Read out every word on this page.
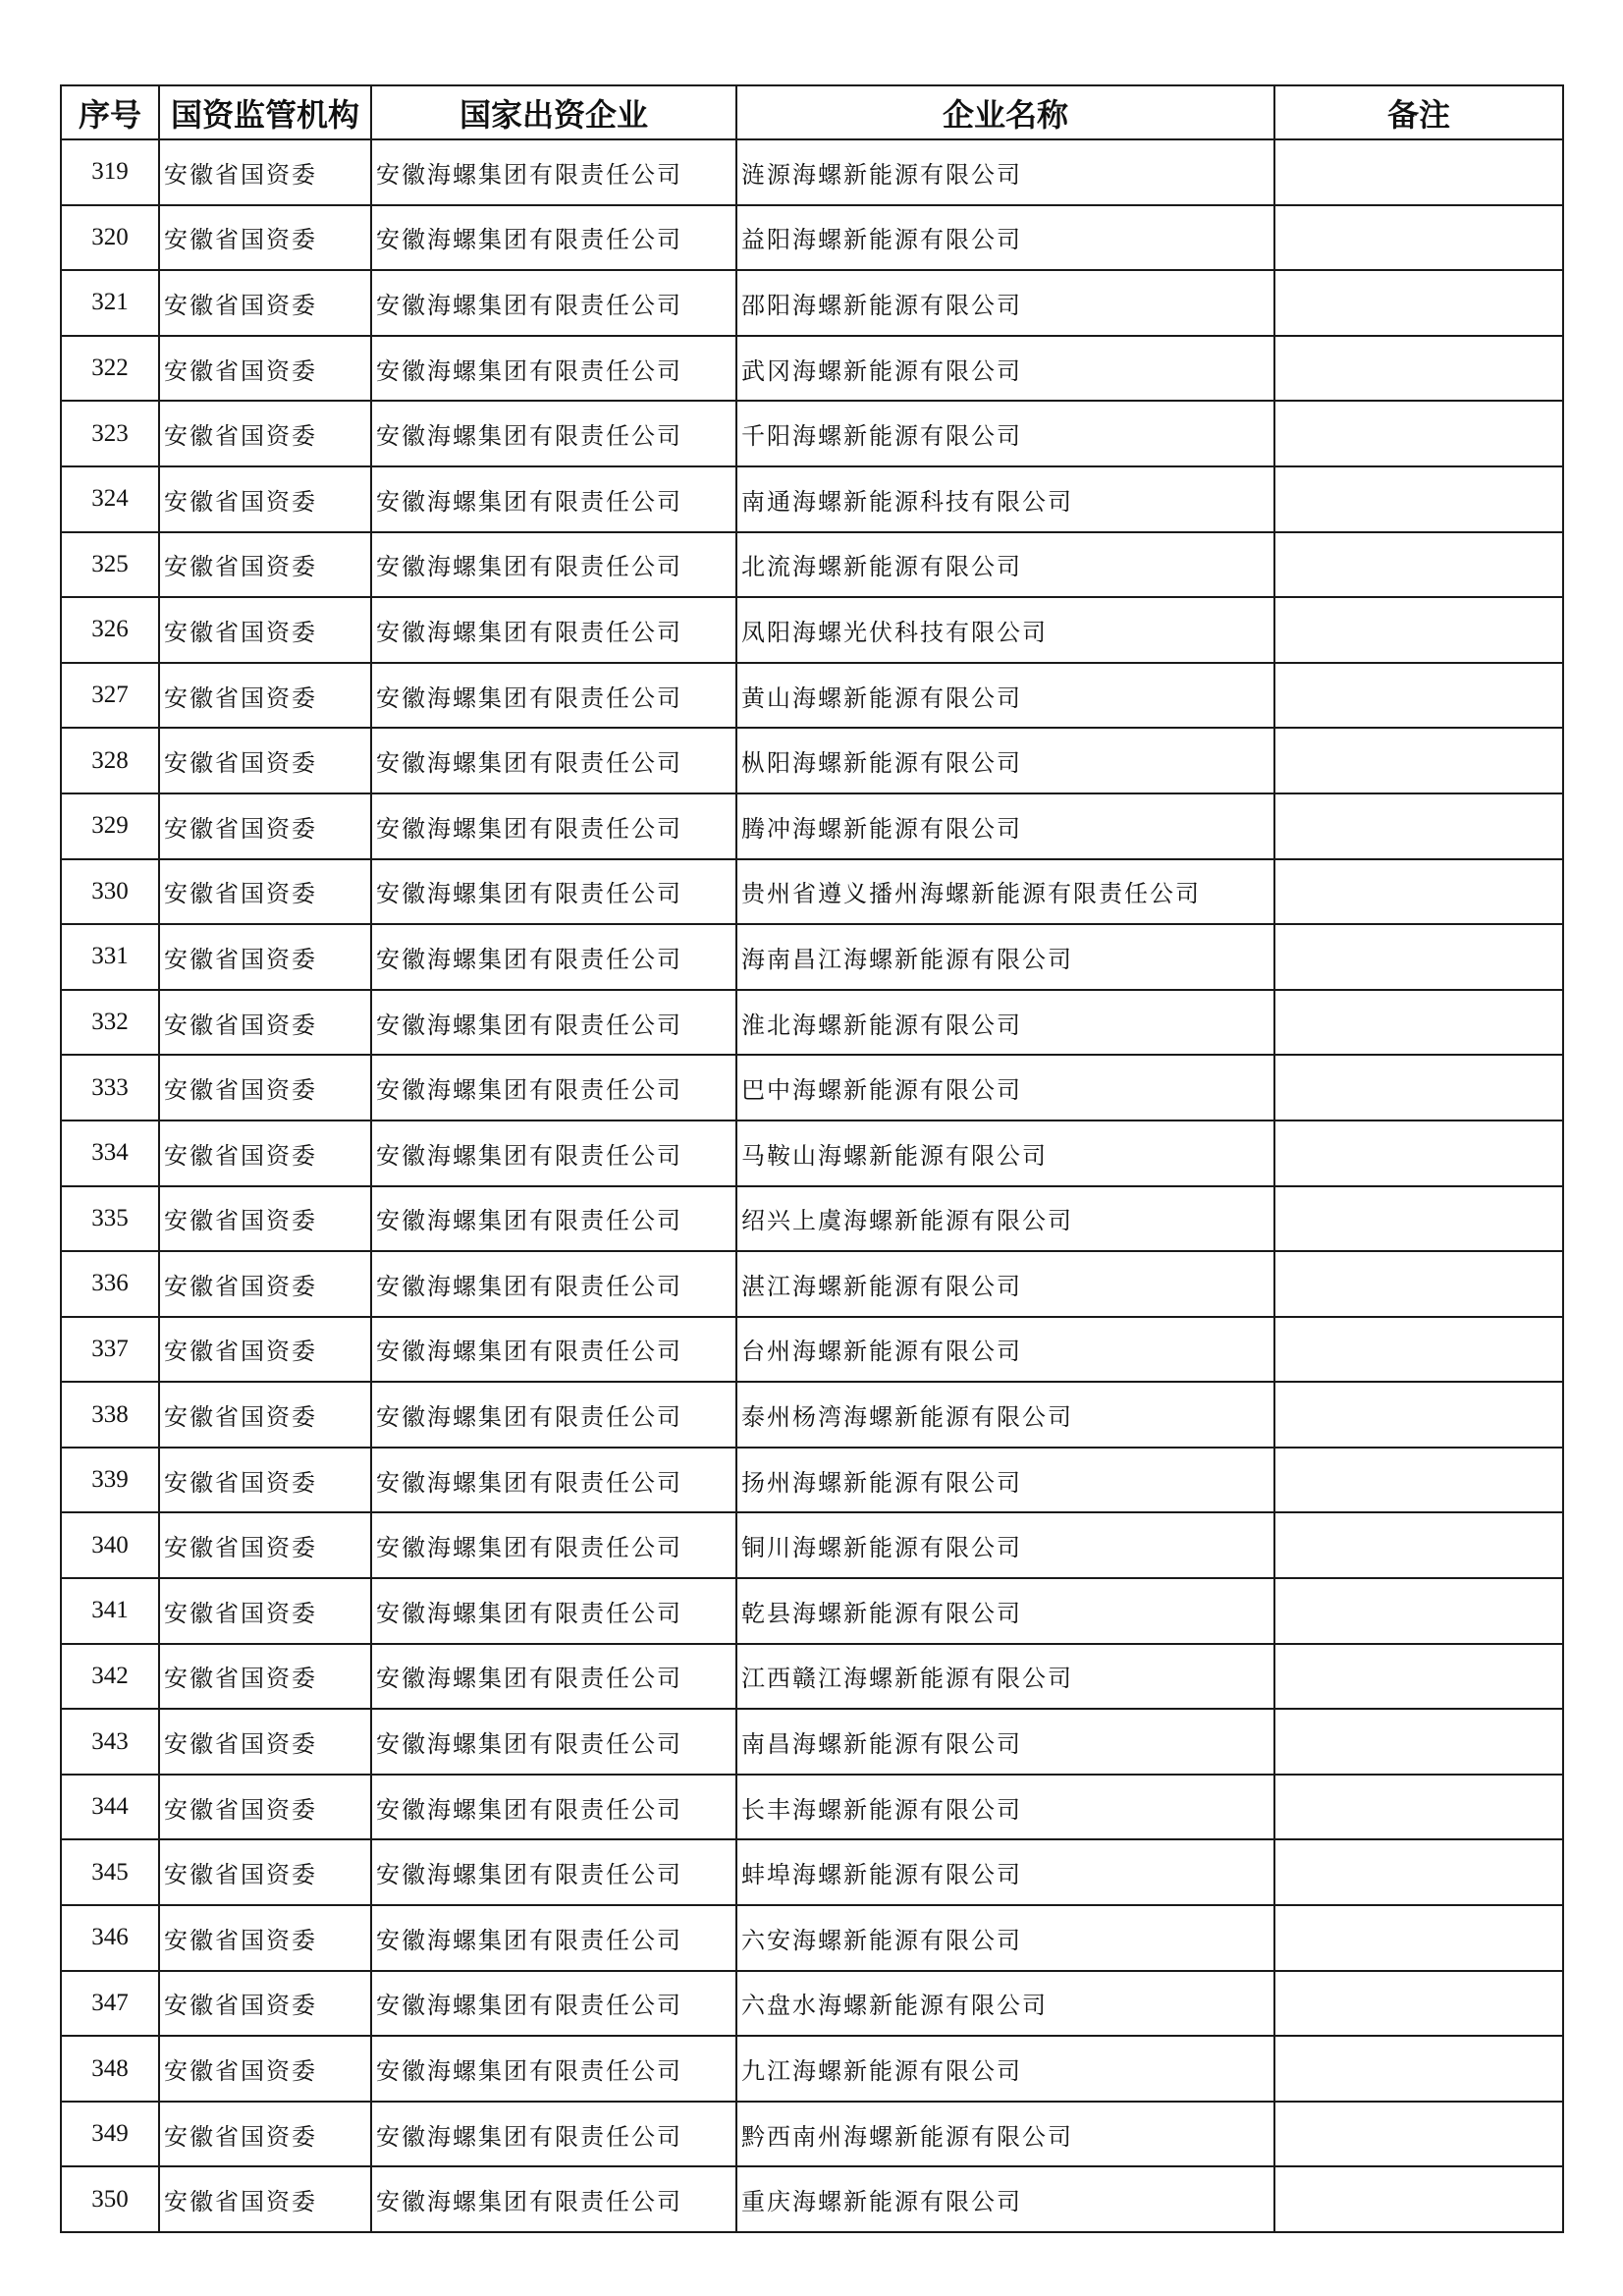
序号	国资监管机构	国家出资企业	企业名称	备注
319	安徽省国资委	安徽海螺集团有限责任公司	涟源海螺新能源有限公司	
320	安徽省国资委	安徽海螺集团有限责任公司	益阳海螺新能源有限公司	
321	安徽省国资委	安徽海螺集团有限责任公司	邵阳海螺新能源有限公司	
322	安徽省国资委	安徽海螺集团有限责任公司	武冈海螺新能源有限公司	
323	安徽省国资委	安徽海螺集团有限责任公司	千阳海螺新能源有限公司	
324	安徽省国资委	安徽海螺集团有限责任公司	南通海螺新能源科技有限公司	
325	安徽省国资委	安徽海螺集团有限责任公司	北流海螺新能源有限公司	
326	安徽省国资委	安徽海螺集团有限责任公司	凤阳海螺光伏科技有限公司	
327	安徽省国资委	安徽海螺集团有限责任公司	黄山海螺新能源有限公司	
328	安徽省国资委	安徽海螺集团有限责任公司	枞阳海螺新能源有限公司	
329	安徽省国资委	安徽海螺集团有限责任公司	腾冲海螺新能源有限公司	
330	安徽省国资委	安徽海螺集团有限责任公司	贵州省遵义播州海螺新能源有限责任公司	
331	安徽省国资委	安徽海螺集团有限责任公司	海南昌江海螺新能源有限公司	
332	安徽省国资委	安徽海螺集团有限责任公司	淮北海螺新能源有限公司	
333	安徽省国资委	安徽海螺集团有限责任公司	巴中海螺新能源有限公司	
334	安徽省国资委	安徽海螺集团有限责任公司	马鞍山海螺新能源有限公司	
335	安徽省国资委	安徽海螺集团有限责任公司	绍兴上虞海螺新能源有限公司	
336	安徽省国资委	安徽海螺集团有限责任公司	湛江海螺新能源有限公司	
337	安徽省国资委	安徽海螺集团有限责任公司	台州海螺新能源有限公司	
338	安徽省国资委	安徽海螺集团有限责任公司	泰州杨湾海螺新能源有限公司	
339	安徽省国资委	安徽海螺集团有限责任公司	扬州海螺新能源有限公司	
340	安徽省国资委	安徽海螺集团有限责任公司	铜川海螺新能源有限公司	
341	安徽省国资委	安徽海螺集团有限责任公司	乾县海螺新能源有限公司	
342	安徽省国资委	安徽海螺集团有限责任公司	江西赣江海螺新能源有限公司	
343	安徽省国资委	安徽海螺集团有限责任公司	南昌海螺新能源有限公司	
344	安徽省国资委	安徽海螺集团有限责任公司	长丰海螺新能源有限公司	
345	安徽省国资委	安徽海螺集团有限责任公司	蚌埠海螺新能源有限公司	
346	安徽省国资委	安徽海螺集团有限责任公司	六安海螺新能源有限公司	
347	安徽省国资委	安徽海螺集团有限责任公司	六盘水海螺新能源有限公司	
348	安徽省国资委	安徽海螺集团有限责任公司	九江海螺新能源有限公司	
349	安徽省国资委	安徽海螺集团有限责任公司	黔西南州海螺新能源有限公司	
350	安徽省国资委	安徽海螺集团有限责任公司	重庆海螺新能源有限公司	
